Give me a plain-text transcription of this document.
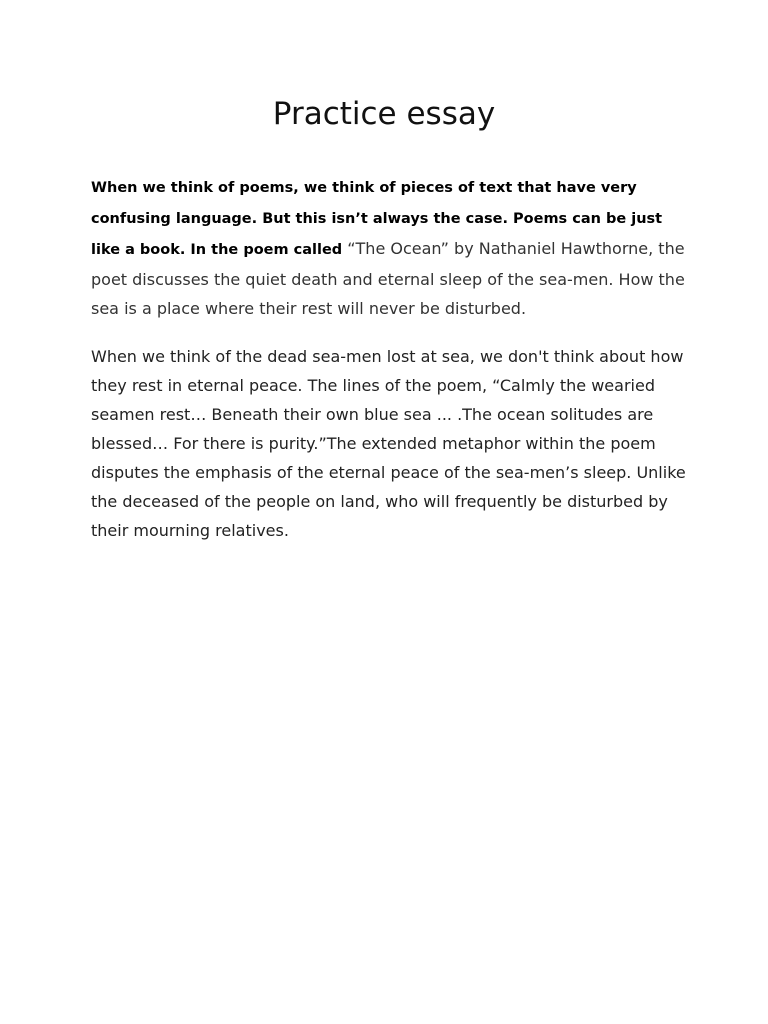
Practice essay

When we think of poems, we think of pieces of text that have very confusing language. But this isn’t always the case. Poems can be just like a book. In the poem called “The Ocean” by Nathaniel Hawthorne, the poet discusses the quiet death and eternal sleep of the sea-men. How the sea is a place where their rest will never be disturbed.

When we think of the dead sea-men lost at sea, we don't think about how they rest in eternal peace. The lines of the poem, “Calmly the wearied seamen rest… Beneath their own blue sea ... .The ocean solitudes are blessed… For there is purity.”The extended metaphor within the poem disputes the emphasis of the eternal peace of the sea-men’s sleep. Unlike the deceased of the people on land, who will frequently be disturbed by their mourning relatives.
